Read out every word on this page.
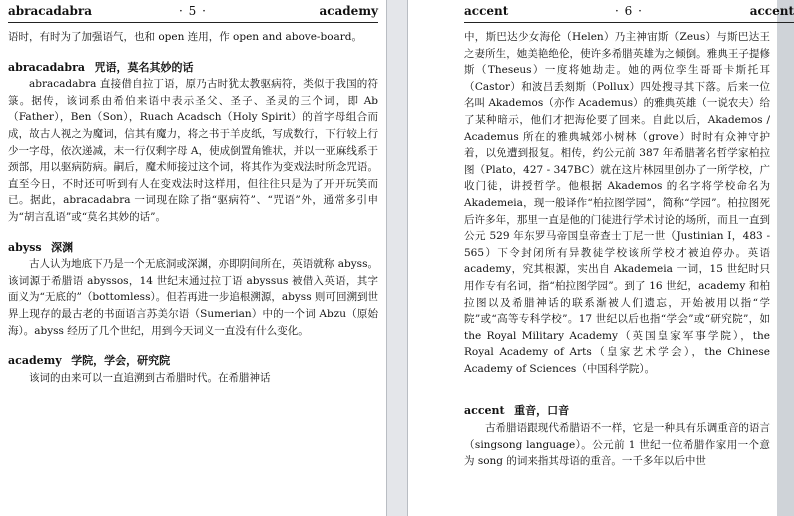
abracadabra	· 5 ·	academy

语时，有时为了加强语气，也和 open 连用，作 open and above-board。

abracadabra 咒语，莫名其妙的话

abracadabra 直接借自拉丁语，原乃古时犹太教驱病符，类似于我国的符箓。据传，该词系由希伯来语中表示圣父、圣子、圣灵的三个词，即 Ab（Father），Ben（Son），Ruach Acadsch（Holy Spirit）的首字母组合而成，故古人视之为魔词，信其有魔力，将之书于羊皮纸，写成数行，下行较上行少一字母，依次递减，末一行仅剩字母 A，使成倒置角锥状，并以一亚麻线系于颈部，用以驱病防病。嗣后，魔术师接过这个词，将其作为变戏法时所念咒语。直至今日，不时还可听到有人在变戏法时这样用，但往往只是为了开开玩笑而已。据此，abracadabra 一词现在除了指“驱病符”、“咒语”外，通常多引申为“胡言乱语”或“莫名其妙的话”。

abyss 深渊

古人认为地底下乃是一个无底洞或深渊，亦即阴间所在，英语就称 abyss。该词源于希腊语 abyssos，14 世纪末通过拉丁语 abyssus 被借入英语，其字面义为“无底的”（bottomless）。但若再进一步追根溯源，abyss 则可回溯到世界上现存的最古老的书面语言苏美尔语（Sumerian）中的一个词 Abzu（原始海）。abyss 经历了几个世纪，用到今天词义一直没有什么变化。

academy 学院，学会，研究院

该词的由来可以一直追溯到古希腊时代。在希腊神话

accent	· 6 ·	accent

中，斯巴达少女海伦（Helen）乃主神宙斯（Zeus）与斯巴达王之妻所生，她美艳绝伦，使许多希腊英雄为之倾倒。雅典王子提修斯（Theseus）一度将她劫走。她的两位孪生哥哥卡斯托耳（Castor）和波吕丢刻斯（Pollux）四处搜寻其下落。后来一位名叫 Akademos（亦作 Academus）的雅典英雄（一说农夫）给了某种暗示，他们才把海伦要了回来。自此以后，Akademos / Academus 所在的雅典城郊小树林（grove）时时有众神守护着，以免遭到报复。相传，约公元前 387 年希腊著名哲学家柏拉图（Plato，427 - 347BC）就在这片林园里创办了一所学校，广收门徒，讲授哲学。他根据 Akademos 的名字将学校命名为 Akademeia，现一般译作“柏拉图学园”，简称“学园”。柏拉图死后许多年，那里一直是他的门徒进行学术讨论的场所，而且一直到公元 529 年东罗马帝国皇帝查士丁尼一世（Justinian Ⅰ，483 - 565）下令封闭所有异教徒学校该所学校才被迫停办。英语 academy，究其根源，实出自 Akademeia 一词，15 世纪时只用作专有名词，指“柏拉图学园”。到了 16 世纪，academy 和柏拉图以及希腊神话的联系渐被人们遗忘，开始被用以指“学院”或“高等专科学校”。17 世纪以后也指“学会”或“研究院”，如 the Royal Military Academy（英国皇家军事学院），the Royal Academy of Arts（皇家艺术学会），the Chinese Academy of Sciences（中国科学院）。

accent 重音，口音

古希腊语跟现代希腊语不一样，它是一种具有乐调重音的语言（singsong language）。公元前 1 世纪一位希腊作家用一个意为 song 的词来指其母语的重音。一千多年以后中世
